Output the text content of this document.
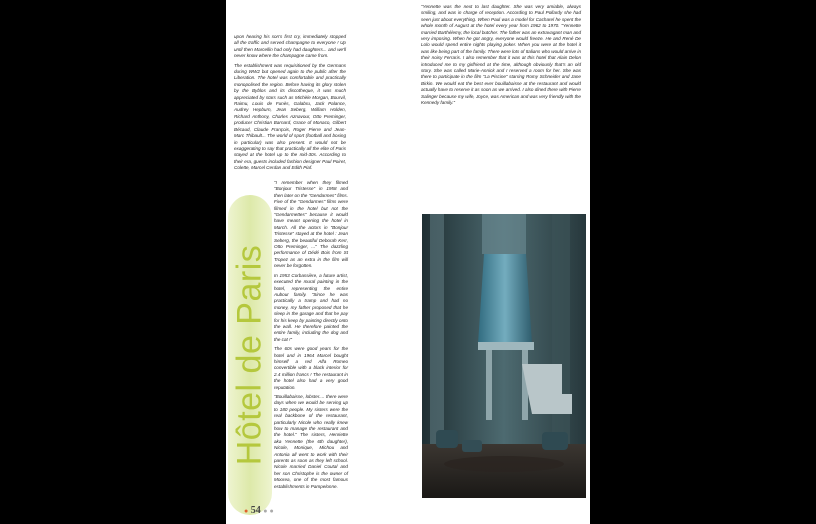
upon hearing his son's first cry, immediately stopped all the traffic and served champagne to everyone ! Up until then Marcellin had only had daughters... and we'll never know where the champagne came from.

The establishment was requisitioned by the Germans during WW2 but opened again to the public after the Liberation. The hotel was comfortable and practically monopolised the region. Before having its glory stolen by the Byblos and its discotheque, it was much appreciated by stars such as Michèle Morgan, Bourvil, Raimu, Louis de Funès, Galabru, Jack Palance, Audrey Hepburn, Jean Seberg, William Holden, Richard Anthony, Charles Aznavour, Otto Preminger, producer Christian Barnard, Grace of Monaco, Gilbert Bécaud, Claude François, Roger Pierre and Jean-Marc Thibault... The world of sport (football and boxing in particular) was also present. It would not be exaggerating to say that practically all the elite of Paris stayed at the hotel up to the mid-30s. According to their era, guests included fashion designer Paul Poiret, Colette, Marcel Cerdan and Edith Piaf.

Hôtel de Paris

"I remember when they filmed "Bonjour Tristesse" in 1958 and then later on the "Gendarmes" films. Five of the "Gendarmes" films were filmed in the hotel but not the "Gendarmettes" because it would have meant opening the hotel in March. All the actors in "Bonjour Tristesse" stayed at the hotel : Jean Seberg, the beautiful Deborah Kerr, Otto Preminger, ..." The dazzling performance of Dédé Bois from St Tropez as an extra in the film will never be forgotten.

In 1953 Corbassière, a future artist, executed the mural painting in the hotel, representing the entire Aubour family. "Since he was practically a tramp and had no money, my father proposed that he sleep in the garage and that he pay for his keep by painting directly onto the wall. He therefore painted the entire family, including the dog and the cat !"

The 60s were good years for the hotel and in 1964 Marcel bought himself a red Alfa Romeo convertible with a black interior for 2.4 million francs ! The restaurant in the hotel also had a very good reputation.

"Bouillabaisse, lobster.... there were days when we would be serving up to 180 people. My sisters were the real backbone of the restaurant, particularly Nicole who really knew how to manage the restaurant and the hotel." The sisters, Henriette aka Yennette (the 6th daughter), Nicole, Monique, Michou and Antonia all went to work with their parents as soon as they left school. Nicole married Daniel Coutal and her son Christophe is the owner of Moorea, one of the most famous establishments in Pampelonne.

"Yennette was the next to last daughter. She was very amiable, always smiling, and was in charge of reception. According to Paul Pollardy she had seen just about everything. When Paul was a model for Cacharel he spent the whole month of August at the hotel every year from 1962 to 1970. "Yennette married Barthélemy, the local butcher. The father was an extravagant man and very imposing. When he got angry, everyone would freeze. He and René De Lolo would spend entire nights playing poker. When you were at the hotel it was like being part of the family. There were lots of Italians who would arrive in their noisy Ferraris. I also remember that it was at this hotel that Alain Delon introduced me to my girlfriend at the time, although obviously that's an old story. She was called Marie-Annick and I reserved a room for her. She was there to participate in the film "La Piscine" starring Romy Schneider and Jane Birkin. We would eat the best ever bouillabaisse at the restaurant and would actually have to reserve it as soon as we arrived. I also dined there with Pierre Salinger because my wife, Joyce, was American and was very friendly with the Kennedy family."

● 54 ● ●
